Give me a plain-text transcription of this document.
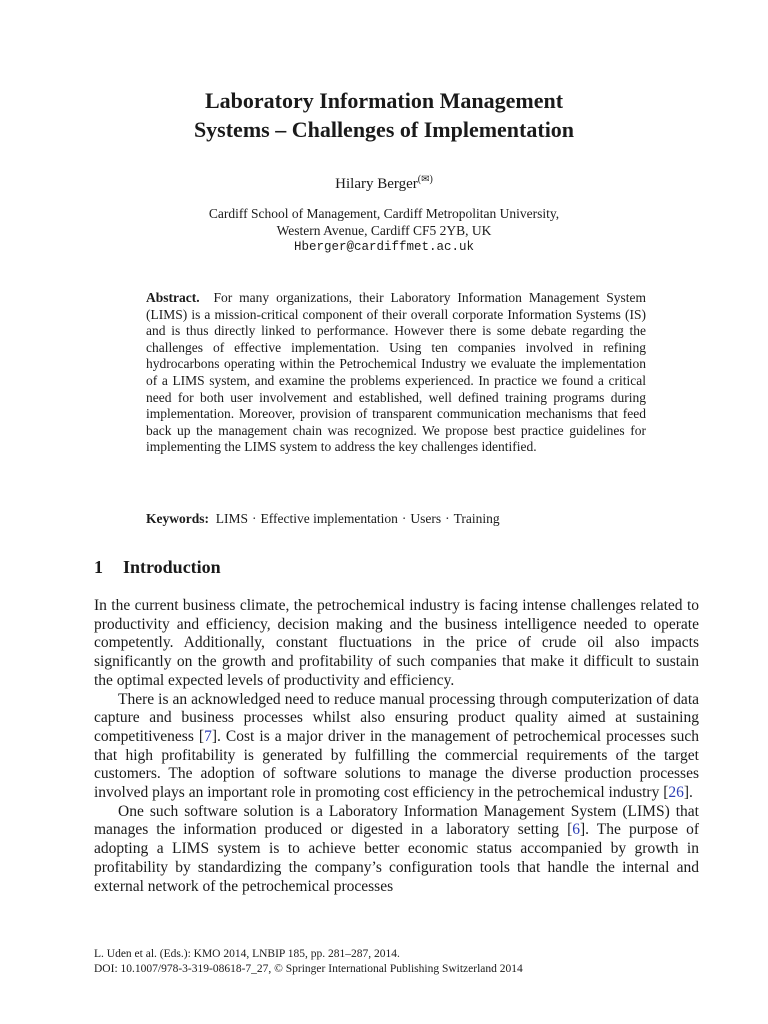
Laboratory Information Management
Systems – Challenges of Implementation
Hilary Berger(✉)
Cardiff School of Management, Cardiff Metropolitan University,
Western Avenue, Cardiff CF5 2YB, UK
Hberger@cardiffmet.ac.uk
Abstract. For many organizations, their Laboratory Information Management System (LIMS) is a mission-critical component of their overall corporate Information Systems (IS) and is thus directly linked to performance. However there is some debate regarding the challenges of effective implementation. Using ten companies involved in refining hydrocarbons operating within the Petrochemical Industry we evaluate the implementation of a LIMS system, and examine the problems experienced. In practice we found a critical need for both user involvement and established, well defined training programs during implementation. Moreover, provision of transparent communication mechanisms that feed back up the management chain was recognized. We propose best practice guidelines for implementing the LIMS system to address the key challenges identified.
Keywords: LIMS · Effective implementation · Users · Training
1 Introduction

In the current business climate, the petrochemical industry is facing intense challenges related to productivity and efficiency, decision making and the business intelligence needed to operate competently. Additionally, constant fluctuations in the price of crude oil also impacts significantly on the growth and profitability of such companies that make it difficult to sustain the optimal expected levels of productivity and efficiency.

There is an acknowledged need to reduce manual processing through computerization of data capture and business processes whilst also ensuring product quality aimed at sustaining competitiveness [7]. Cost is a major driver in the management of petrochemical processes such that high profitability is generated by fulfilling the commercial requirements of the target customers. The adoption of software solutions to manage the diverse production processes involved plays an important role in promoting cost efficiency in the petrochemical industry [26].

One such software solution is a Laboratory Information Management System (LIMS) that manages the information produced or digested in a laboratory setting [6]. The purpose of adopting a LIMS system is to achieve better economic status accompanied by growth in profitability by standardizing the company’s configuration tools that handle the internal and external network of the petrochemical processes

L. Uden et al. (Eds.): KMO 2014, LNBIP 185, pp. 281–287, 2014.
DOI: 10.1007/978-3-319-08618-7_27, © Springer International Publishing Switzerland 2014
